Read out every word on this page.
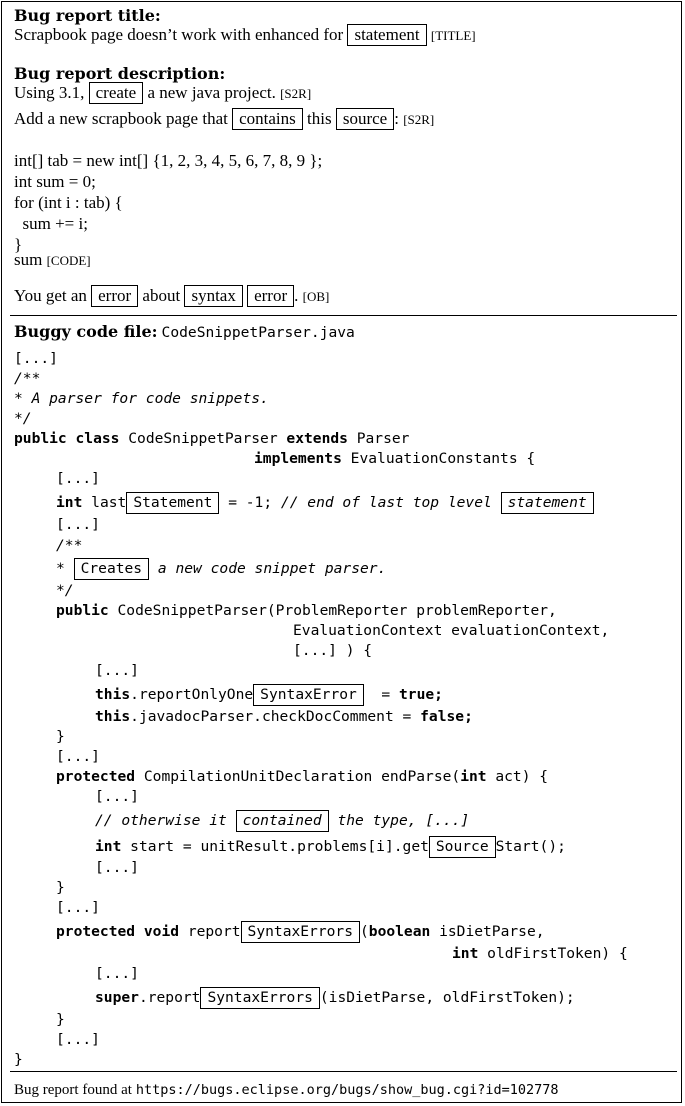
Bug report title:
Scrapbook page doesn’t work with enhanced for statement [TITLE]
Bug report description:
Using 3.1, create a new java project. [S2R]
Add a new scrapbook page that contains this source : [S2R]
int[] tab = new int[] {1, 2, 3, 4, 5, 6, 7, 8, 9 };
int sum = 0;
for (int i : tab) {
sum += i;
}
sum [CODE]
You get an error about syntax error . [OB]
Buggy code file: CodeSnippetParser.java
[...]
/**
* A parser for code snippets.
*/
public class CodeSnippetParser extends Parser
implements EvaluationConstants {
[...]
int last Statement = -1; // end of last top level statement
[...]
/**
* Creates a new code snippet parser.
*/
public CodeSnippetParser(ProblemReporter problemReporter,
EvaluationContext evaluationContext,
[...] ) {
[...]
this.reportOnlyOne SyntaxError = true;
this.javadocParser.checkDocComment = false;
}
[...]
protected CompilationUnitDeclaration endParse(int act) {
[...]
// otherwise it contained the type, [...]
int start = unitResult.problems[i].get Source Start();
[...]
}
[...]
protected void report SyntaxErrors (boolean isDietParse,
int oldFirstToken) {
[...]
super.report SyntaxErrors (isDietParse, oldFirstToken);
}
[...]
}
Bug report found at https://bugs.eclipse.org/bugs/show_bug.cgi?id=102778
